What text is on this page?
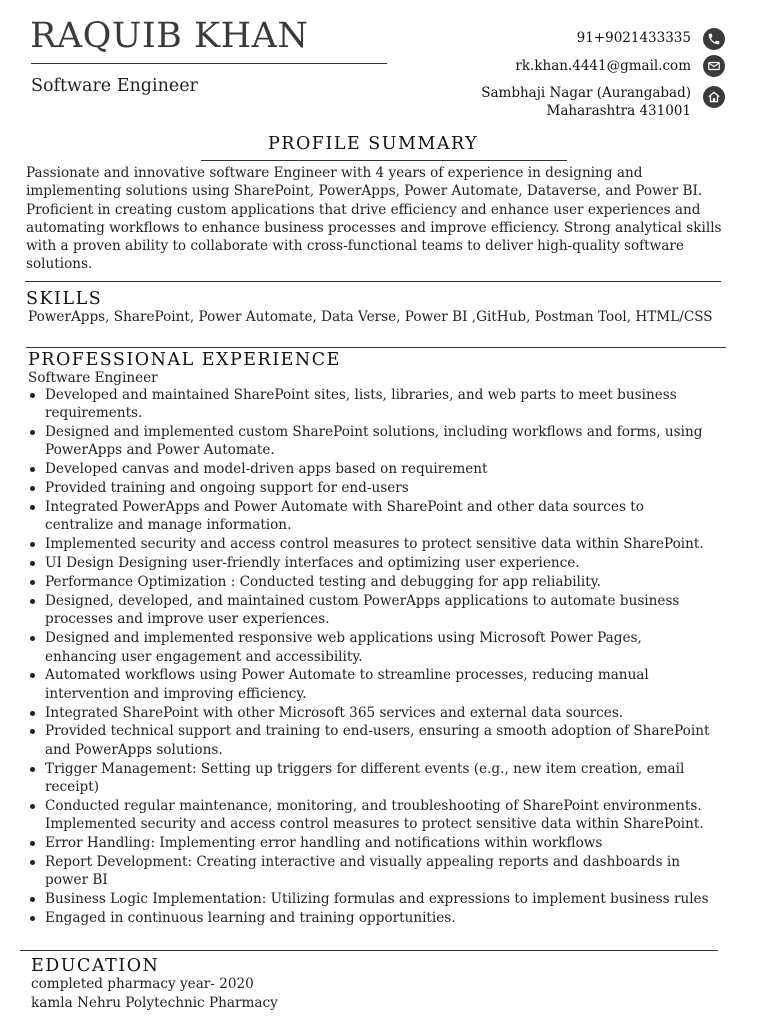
RAQUIB KHAN
Software Engineer
91+9021433335
rk.khan.4441@gmail.com
Sambhaji Nagar (Aurangabad)
Maharashtra 431001
PROFILE SUMMARY
Passionate and innovative software Engineer with 4 years of experience in designing and implementing solutions using SharePoint, PowerApps, Power Automate, Dataverse, and Power BI. Proficient in creating custom applications that drive efficiency and enhance user experiences and automating workflows to enhance business processes and improve efficiency. Strong analytical skills with a proven ability to collaborate with cross-functional teams to deliver high-quality software solutions.
SKILLS
PowerApps, SharePoint, Power Automate, Data Verse, Power BI ,GitHub, Postman Tool, HTML/CSS
PROFESSIONAL EXPERIENCE
Software Engineer
Developed and maintained SharePoint sites, lists, libraries, and web parts to meet business requirements.
Designed and implemented custom SharePoint solutions, including workflows and forms, using PowerApps and Power Automate.
Developed canvas and model-driven apps based on requirement
Provided training and ongoing support for end-users
Integrated PowerApps and Power Automate with SharePoint and other data sources to centralize and manage information.
Implemented security and access control measures to protect sensitive data within SharePoint.
UI Design Designing user-friendly interfaces and optimizing user experience.
Performance Optimization : Conducted testing and debugging for app reliability.
Designed, developed, and maintained custom PowerApps applications to automate business processes and improve user experiences.
Designed and implemented responsive web applications using Microsoft Power Pages, enhancing user engagement and accessibility.
Automated workflows using Power Automate to streamline processes, reducing manual intervention and improving efficiency.
Integrated SharePoint with other Microsoft 365 services and external data sources.
Provided technical support and training to end-users, ensuring a smooth adoption of SharePoint and PowerApps solutions.
Trigger Management: Setting up triggers for different events (e.g., new item creation, email receipt)
Conducted regular maintenance, monitoring, and troubleshooting of SharePoint environments. Implemented security and access control measures to protect sensitive data within SharePoint.
Error Handling: Implementing error handling and notifications within workflows
Report Development: Creating interactive and visually appealing reports and dashboards in power BI
Business Logic Implementation: Utilizing formulas and expressions to implement business rules
Engaged in continuous learning and training opportunities.
EDUCATION
completed pharmacy year- 2020
kamla Nehru Polytechnic Pharmacy
